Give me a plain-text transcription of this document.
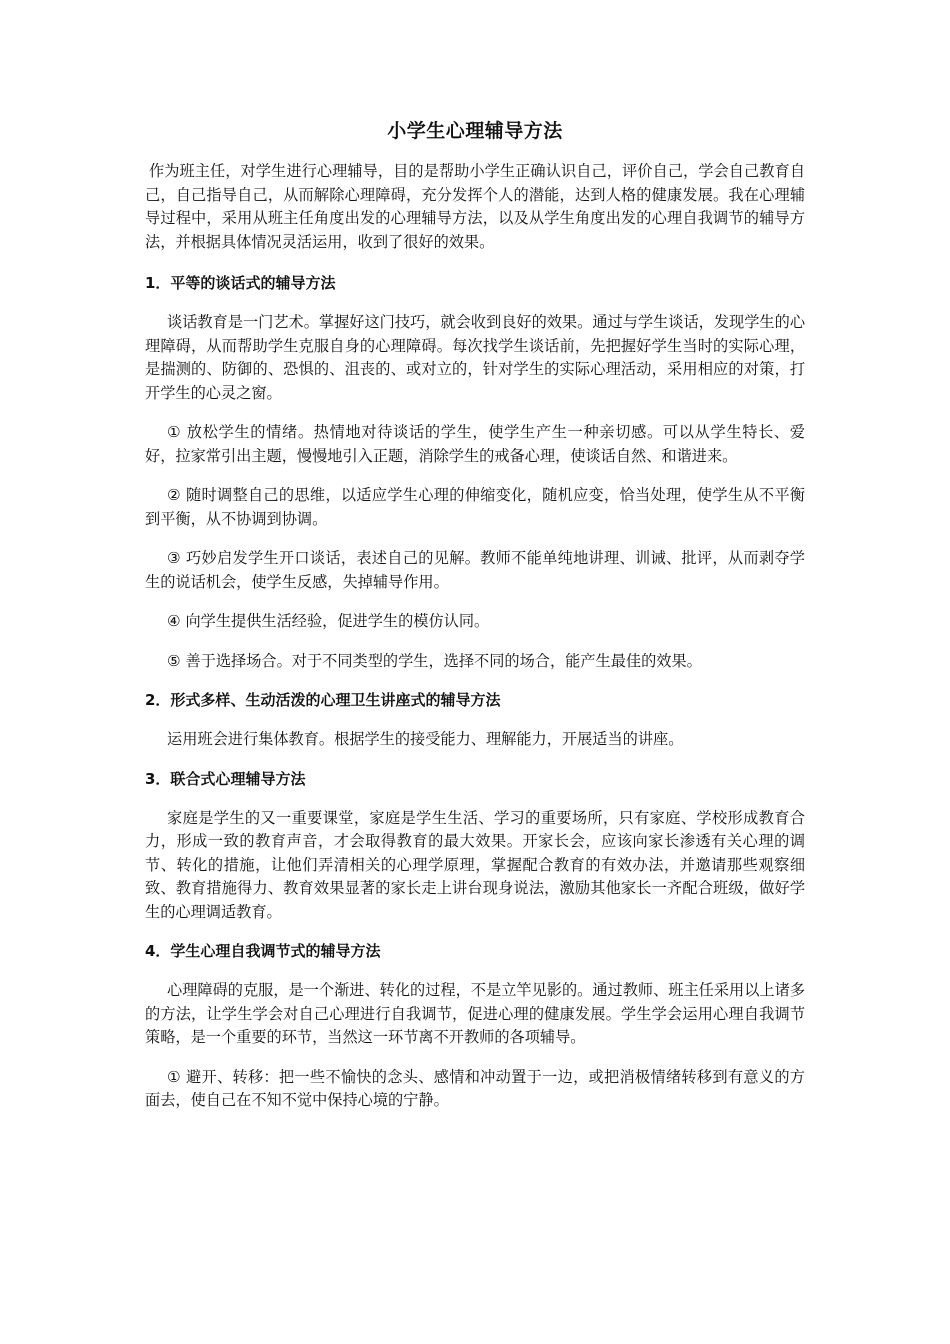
小学生心理辅导方法
作为班主任，对学生进行心理辅导，目的是帮助小学生正确认识自己，评价自己，学会自己教育自己，自己指导自己，从而解除心理障碍，充分发挥个人的潜能，达到人格的健康发展。我在心理辅导过程中，采用从班主任角度出发的心理辅导方法，以及从学生角度出发的心理自我调节的辅导方法，并根据具体情况灵活运用，收到了很好的效果。
1．平等的谈话式的辅导方法
谈话教育是一门艺术。掌握好这门技巧，就会收到良好的效果。通过与学生谈话，发现学生的心理障碍，从而帮助学生克服自身的心理障碍。每次找学生谈话前，先把握好学生当时的实际心理，是揣测的、防御的、恐惧的、沮丧的、或对立的，针对学生的实际心理活动，采用相应的对策，打开学生的心灵之窗。
① 放松学生的情绪。热情地对待谈话的学生，使学生产生一种亲切感。可以从学生特长、爱好，拉家常引出主题，慢慢地引入正题，消除学生的戒备心理，使谈话自然、和谐进来。
② 随时调整自己的思维，以适应学生心理的伸缩变化，随机应变，恰当处理，使学生从不平衡到平衡，从不协调到协调。
③ 巧妙启发学生开口谈话，表述自己的见解。教师不能单纯地讲理、训诫、批评，从而剥夺学生的说话机会，使学生反感，失掉辅导作用。
④ 向学生提供生活经验，促进学生的模仿认同。
⑤ 善于选择场合。对于不同类型的学生，选择不同的场合，能产生最佳的效果。
2．形式多样、生动活泼的心理卫生讲座式的辅导方法
运用班会进行集体教育。根据学生的接受能力、理解能力，开展适当的讲座。
3．联合式心理辅导方法
家庭是学生的又一重要课堂，家庭是学生生活、学习的重要场所，只有家庭、学校形成教育合力，形成一致的教育声音，才会取得教育的最大效果。开家长会，应该向家长渗透有关心理的调节、转化的措施，让他们弄清相关的心理学原理，掌握配合教育的有效办法，并邀请那些观察细致、教育措施得力、教育效果显著的家长走上讲台现身说法，激励其他家长一齐配合班级，做好学生的心理调适教育。
4．学生心理自我调节式的辅导方法
心理障碍的克服，是一个渐进、转化的过程，不是立竿见影的。通过教师、班主任采用以上诸多的方法，让学生学会对自己心理进行自我调节，促进心理的健康发展。学生学会运用心理自我调节策略，是一个重要的环节，当然这一环节离不开教师的各项辅导。
① 避开、转移：把一些不愉快的念头、感情和冲动置于一边，或把消极情绪转移到有意义的方面去，使自己在不知不觉中保持心境的宁静。
